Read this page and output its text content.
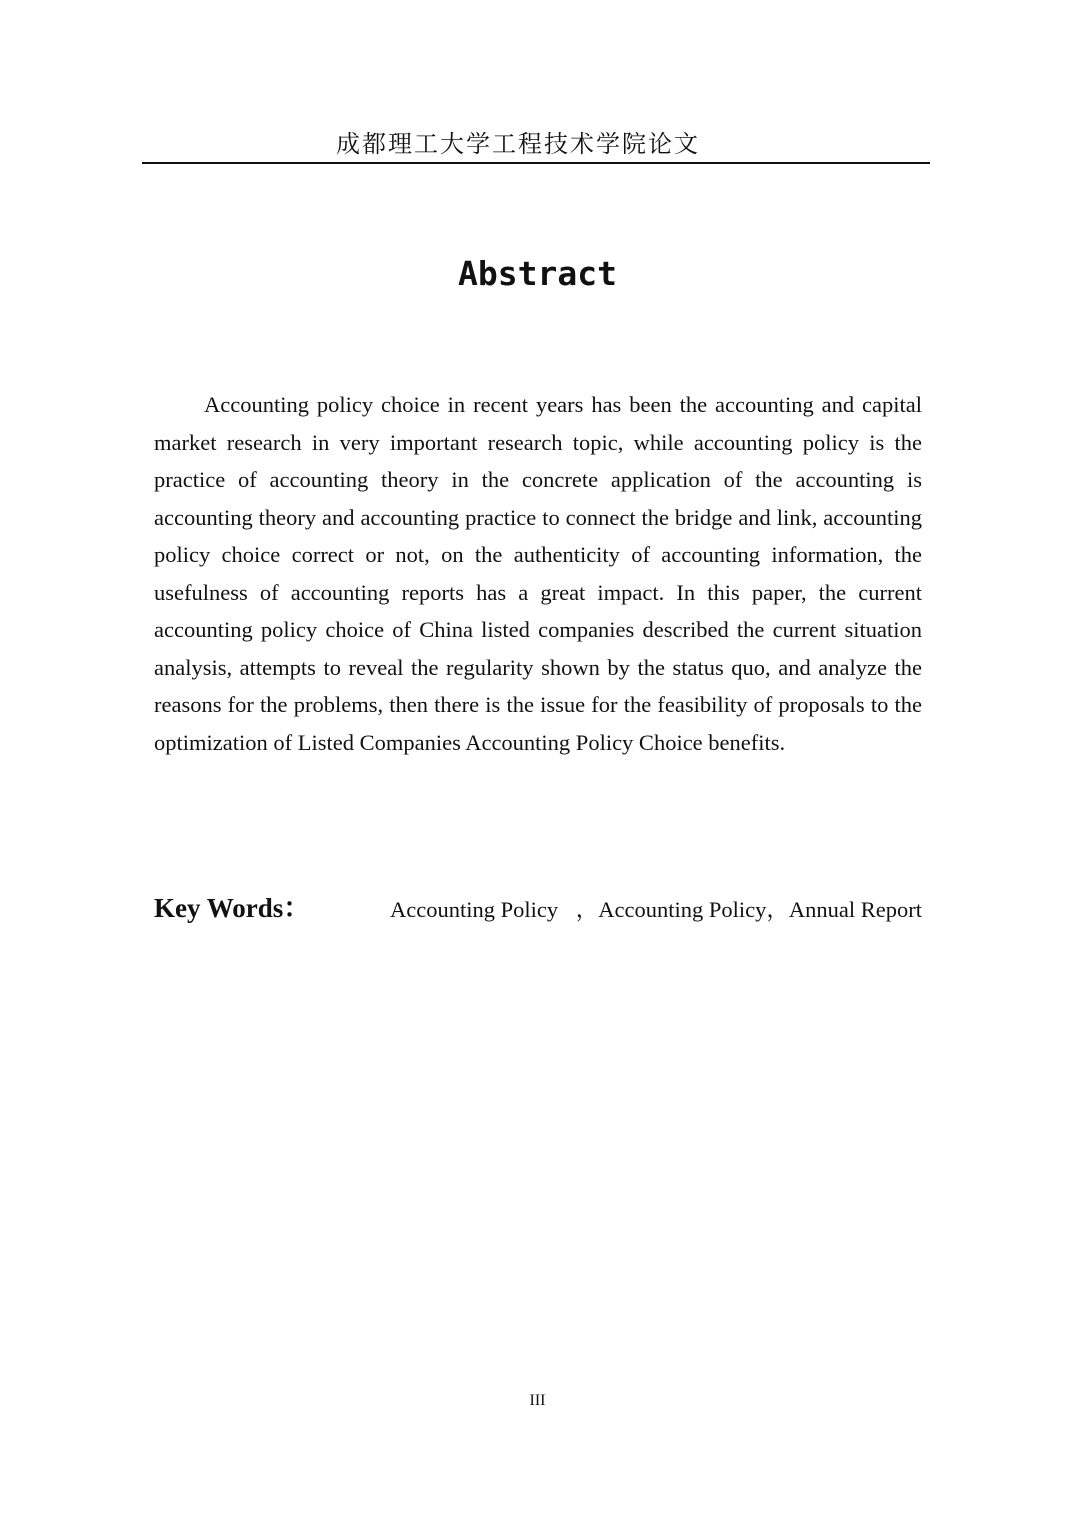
成都理工大学工程技术学院论文
Abstract

Accounting policy choice in recent years has been the accounting and capital market research in very important research topic, while accounting policy is the practice of accounting theory in the concrete application of the accounting is accounting theory and accounting practice to connect the bridge and link, accounting policy choice correct or not, on the authenticity of accounting information, the usefulness of accounting reports has a great impact. In this paper, the current accounting policy choice of China listed companies described the current situation analysis, attempts to reveal the regularity shown by the status quo, and analyze the reasons for the problems, then there is the issue for the feasibility of proposals to the optimization of Listed Companies Accounting Policy Choice benefits.

Key Words：	Accounting Policy ，Accounting Policy，Annual Report
III
